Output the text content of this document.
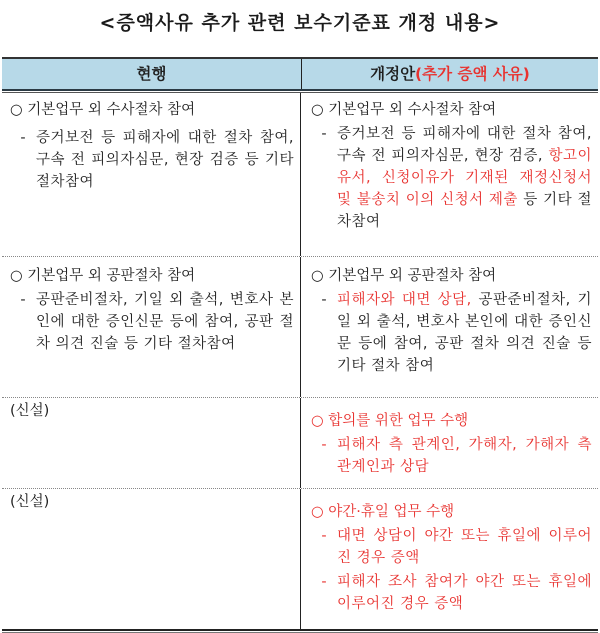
<증액사유 추가 관련 보수기준표 개정 내용>
현행	개정안(추가 증액 사유)
○ 기본업무 외 수사절차 참여
- 증거보전 등 피해자에 대한 절차 참여, 구속 전 피의자심문, 현장 검증 등 기타 절차참여
○ 기본업무 외 수사절차 참여
- 증거보전 등 피해자에 대한 절차 참여, 구속 전 피의자심문, 현장 검증, 항고이유서, 신청이유가 기재된 재정신청서 및 불송치 이의 신청서 제출 등 기타 절차참여
○ 기본업무 외 공판절차 참여
- 공판준비절차, 기일 외 출석, 변호사 본인에 대한 증인신문 등에 참여, 공판 절차 의견 진술 등 기타 절차참여
○ 기본업무 외 공판절차 참여
- 피해자와 대면 상담, 공판준비절차, 기일 외 출석, 변호사 본인에 대한 증인신문 등에 참여, 공판 절차 의견 진술 등 기타 절차 참여
(신설)
○ 합의를 위한 업무 수행
- 피해자 측 관계인, 가해자, 가해자 측 관계인과 상담
(신설)
○ 야간·휴일 업무 수행
- 대면 상담이 야간 또는 휴일에 이루어진 경우 증액
- 피해자 조사 참여가 야간 또는 휴일에 이루어진 경우 증액
